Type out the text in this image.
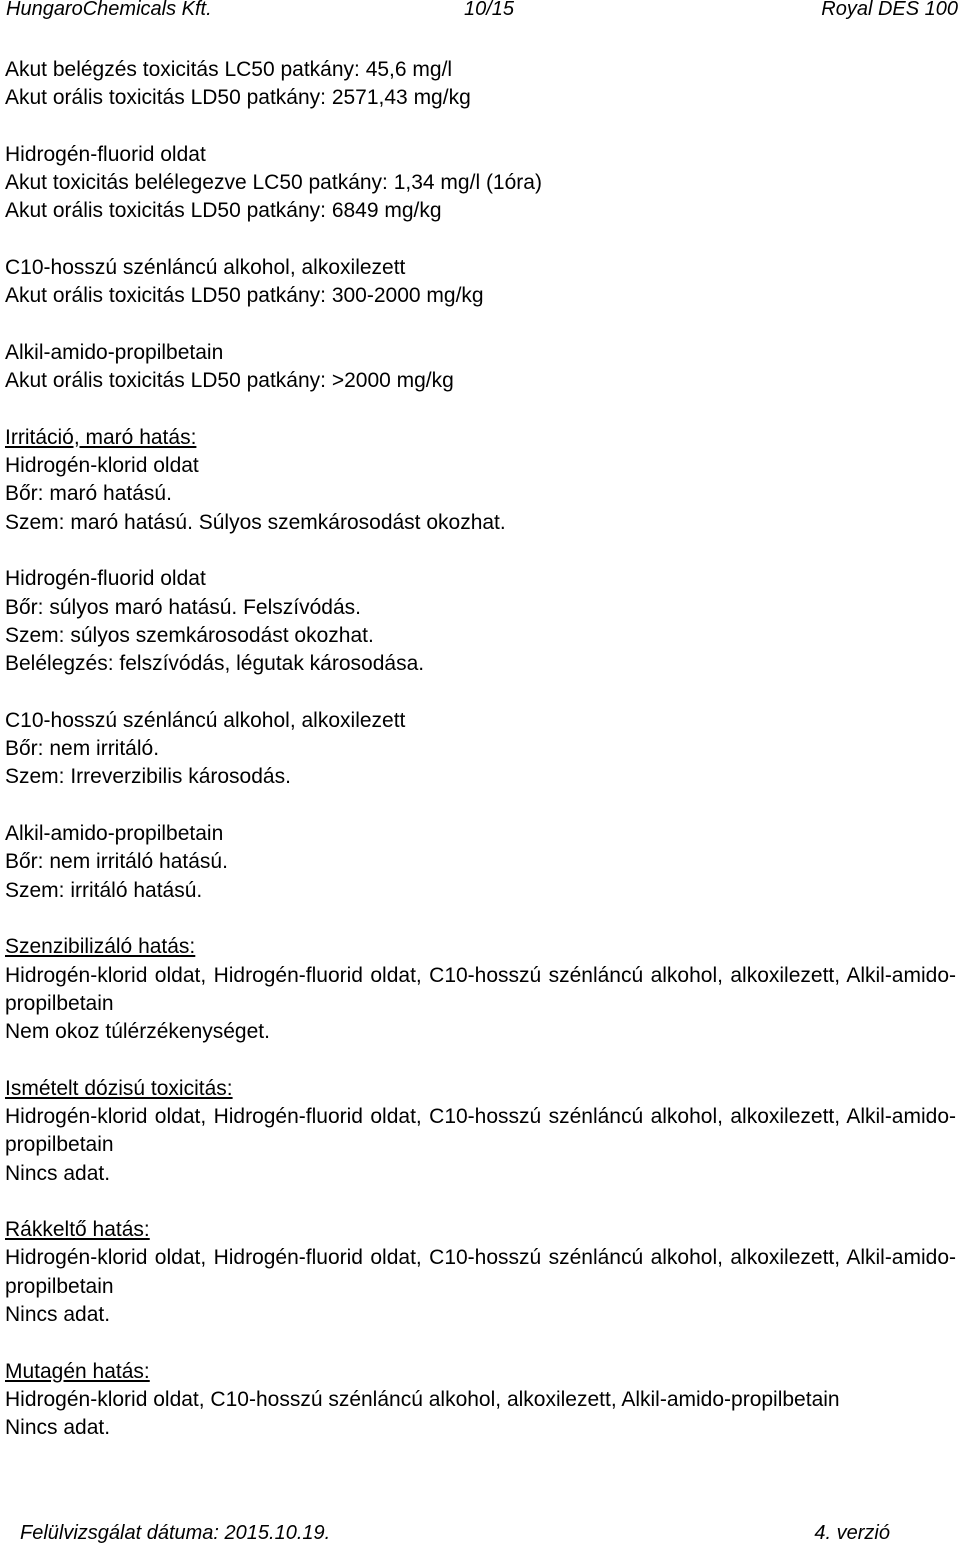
HungaroChemicals Kft.	10/15	Royal DES 100
Akut belégzés toxicitás LC50 patkány: 45,6 mg/l
Akut orális toxicitás LD50 patkány: 2571,43 mg/kg
Hidrogén-fluorid oldat
Akut toxicitás belélegezve LC50 patkány: 1,34 mg/l (1óra)
Akut orális toxicitás LD50 patkány: 6849 mg/kg
C10-hosszú szénláncú alkohol, alkoxilezett
Akut orális toxicitás LD50 patkány: 300-2000 mg/kg
Alkil-amido-propilbetain
Akut orális toxicitás LD50 patkány: >2000 mg/kg
Irritáció, maró hatás:
Hidrogén-klorid oldat
Bőr: maró hatású.
Szem: maró hatású. Súlyos szemkárosodást okozhat.
Hidrogén-fluorid oldat
Bőr: súlyos maró hatású. Felszívódás.
Szem: súlyos szemkárosodást okozhat.
Belélegzés: felszívódás, légutak károsodása.
C10-hosszú szénláncú alkohol, alkoxilezett
Bőr: nem irritáló.
Szem: Irreverzibilis károsodás.
Alkil-amido-propilbetain
Bőr: nem irritáló hatású.
Szem: irritáló hatású.
Szenzibilizáló hatás:
Hidrogén-klorid oldat, Hidrogén-fluorid oldat, C10-hosszú szénláncú alkohol, alkoxilezett, Alkil-amido-propilbetain
Nem okoz túlérzékenységet.
Ismételt dózisú toxicitás:
Hidrogén-klorid oldat, Hidrogén-fluorid oldat, C10-hosszú szénláncú alkohol, alkoxilezett, Alkil-amido-propilbetain
Nincs adat.
Rákkeltő hatás:
Hidrogén-klorid oldat, Hidrogén-fluorid oldat, C10-hosszú szénláncú alkohol, alkoxilezett, Alkil-amido-propilbetain
Nincs adat.
Mutagén hatás:
Hidrogén-klorid oldat, C10-hosszú szénláncú alkohol, alkoxilezett, Alkil-amido-propilbetain
Nincs adat.
Felülvizsgálat dátuma: 2015.10.19.	4. verzió
